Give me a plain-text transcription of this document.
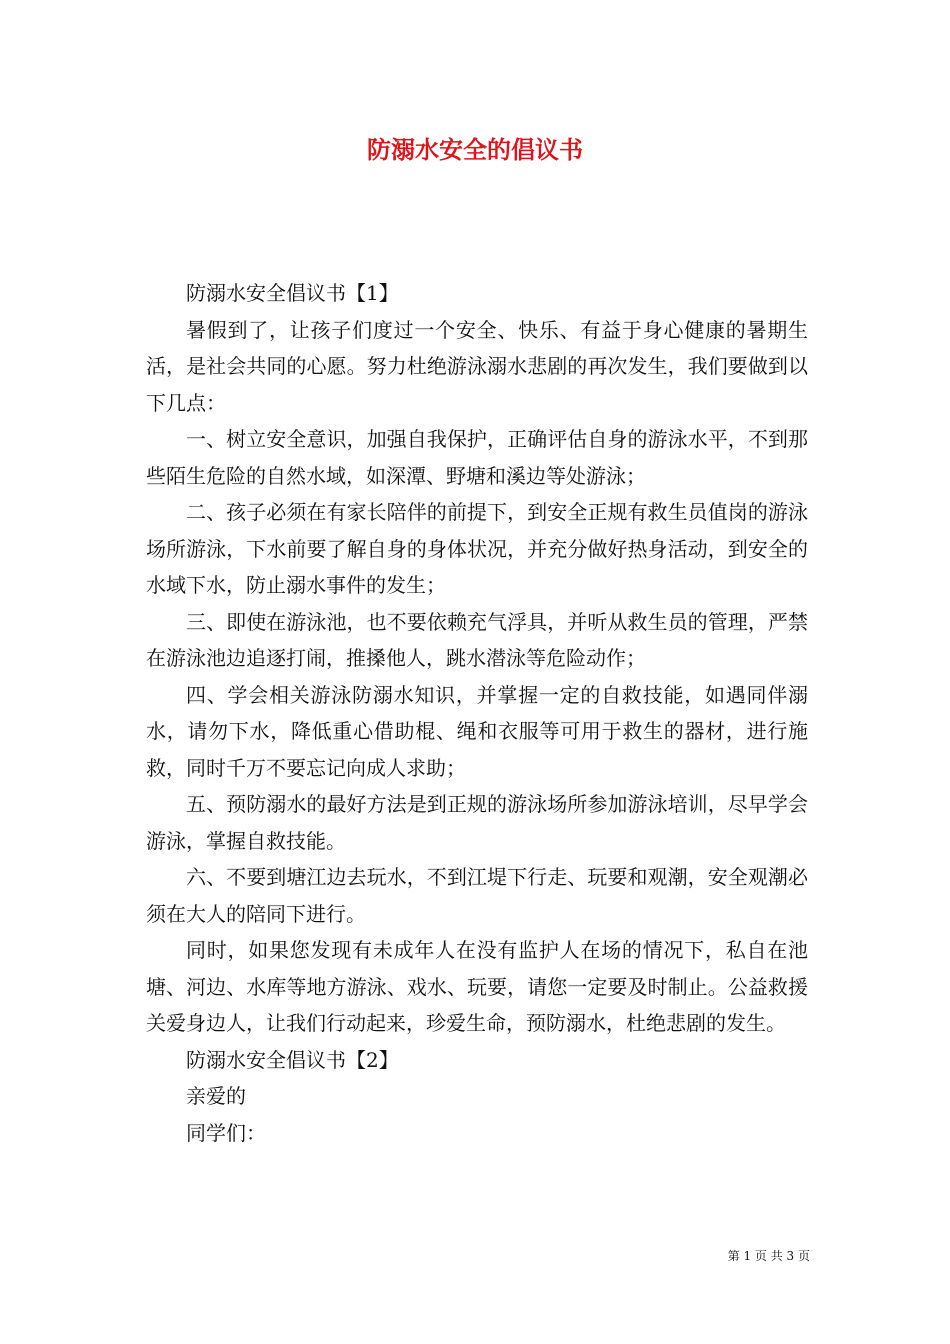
防溺水安全的倡议书

防溺水安全倡议书【1】

暑假到了，让孩子们度过一个安全、快乐、有益于身心健康的暑期生活，是社会共同的心愿。努力杜绝游泳溺水悲剧的再次发生，我们要做到以下几点：

一、树立安全意识，加强自我保护，正确评估自身的游泳水平，不到那些陌生危险的自然水域，如深潭、野塘和溪边等处游泳；

二、孩子必须在有家长陪伴的前提下，到安全正规有救生员值岗的游泳场所游泳，下水前要了解自身的身体状况，并充分做好热身活动，到安全的水域下水，防止溺水事件的发生；

三、即使在游泳池，也不要依赖充气浮具，并听从救生员的管理，严禁在游泳池边追逐打闹，推搡他人，跳水潜泳等危险动作；

四、学会相关游泳防溺水知识，并掌握一定的自救技能，如遇同伴溺水，请勿下水，降低重心借助棍、绳和衣服等可用于救生的器材，进行施救，同时千万不要忘记向成人求助；

五、预防溺水的最好方法是到正规的游泳场所参加游泳培训，尽早学会游泳，掌握自救技能。

六、不要到塘江边去玩水，不到江堤下行走、玩要和观潮，安全观潮必须在大人的陪同下进行。

同时，如果您发现有未成年人在没有监护人在场的情况下，私自在池塘、河边、水库等地方游泳、戏水、玩要，请您一定要及时制止。公益救援关爱身边人，让我们行动起来，珍爱生命，预防溺水，杜绝悲剧的发生。

防溺水安全倡议书【2】

亲爱的

同学们：

第 1 页 共 3 页
